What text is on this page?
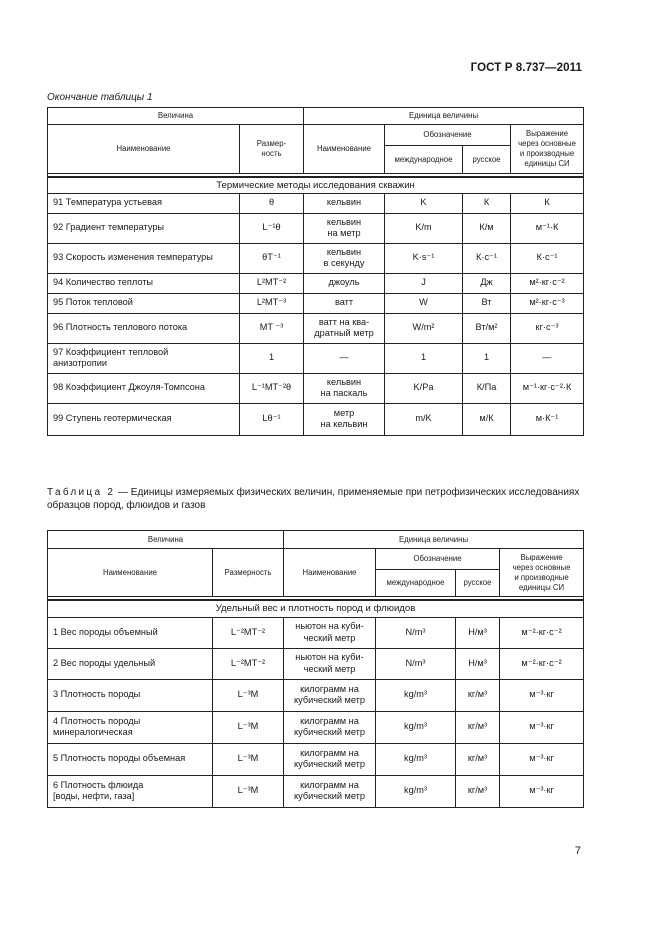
ГОСТ Р 8.737—2011
Окончание таблицы 1
Величина		Единица величины			
Наименование	Размер-
ность	Наименование	Обозначение		Выражение
через основные
и производные
единицы СИ
			международное	русское	

Термические методы исследования скважин					
91 Температура устьевая	θ	кельвин	K	К	К
92 Градиент температуры	L⁻¹θ	кельвин
на метр	K/m	К/м	м⁻¹·К
93 Скорость изменения температуры	θT⁻¹	кельвин
в секунду	K·s⁻¹	К·с⁻¹	К·с⁻¹
94 Количество теплоты	L²MT⁻²	джоуль	J	Дж	м²·кг·с⁻²
95 Поток тепловой	L²MT⁻³	ватт	W	Вт	м²·кг·с⁻³
96 Плотность теплового потока	MT ⁻³	ватт на ква-
дратный метр	W/m²	Вт/м²	кг·с⁻³
97 Коэффициент тепловой
анизотропии	1	—	1	1	—
98 Коэффициент Джоуля-Томпсона	L⁻¹MT⁻²θ	кельвин
на паскаль	K/Pa	К/Па	м⁻¹·кг·с⁻²·К
99 Ступень геотермическая	Lθ⁻¹	метр
на кельвин	m/K	м/К	м·К⁻¹
Таблица 2 — Единицы измеряемых физических величин, применяемые при петрофизических исследованиях образцов пород, флюидов и газов
Величина		Единица величины			
Наименование	Размерность	Наименование	Обозначение		Выражение
через основные
и производные
единицы СИ
			международное	русское	

Удельный вес и плотность пород и флюидов					
1 Вес породы объемный	L⁻²MT⁻²	ньютон на куби-
ческий метр	N/m³	Н/м³	м⁻²·кг·с⁻²
2 Вес породы удельный	L⁻²MT⁻²	ньютон на куби-
ческий метр	N/m³	Н/м³	м⁻²·кг·с⁻²
3 Плотность породы	L⁻³M	килограмм на
кубический метр	kg/m³	кг/м³	м⁻³·кг
4 Плотность породы
минералогическая	L⁻³M	килограмм на
кубический метр	kg/m³	кг/м³	м⁻³·кг
5 Плотность породы объемная	L⁻³M	килограмм на
кубический метр	kg/m³	кг/м³	м⁻³·кг
6 Плотность флюида
[воды, нефти, газа]	L⁻³M	килограмм на
кубический метр	kg/m³	кг/м³	м⁻³·кг
7
